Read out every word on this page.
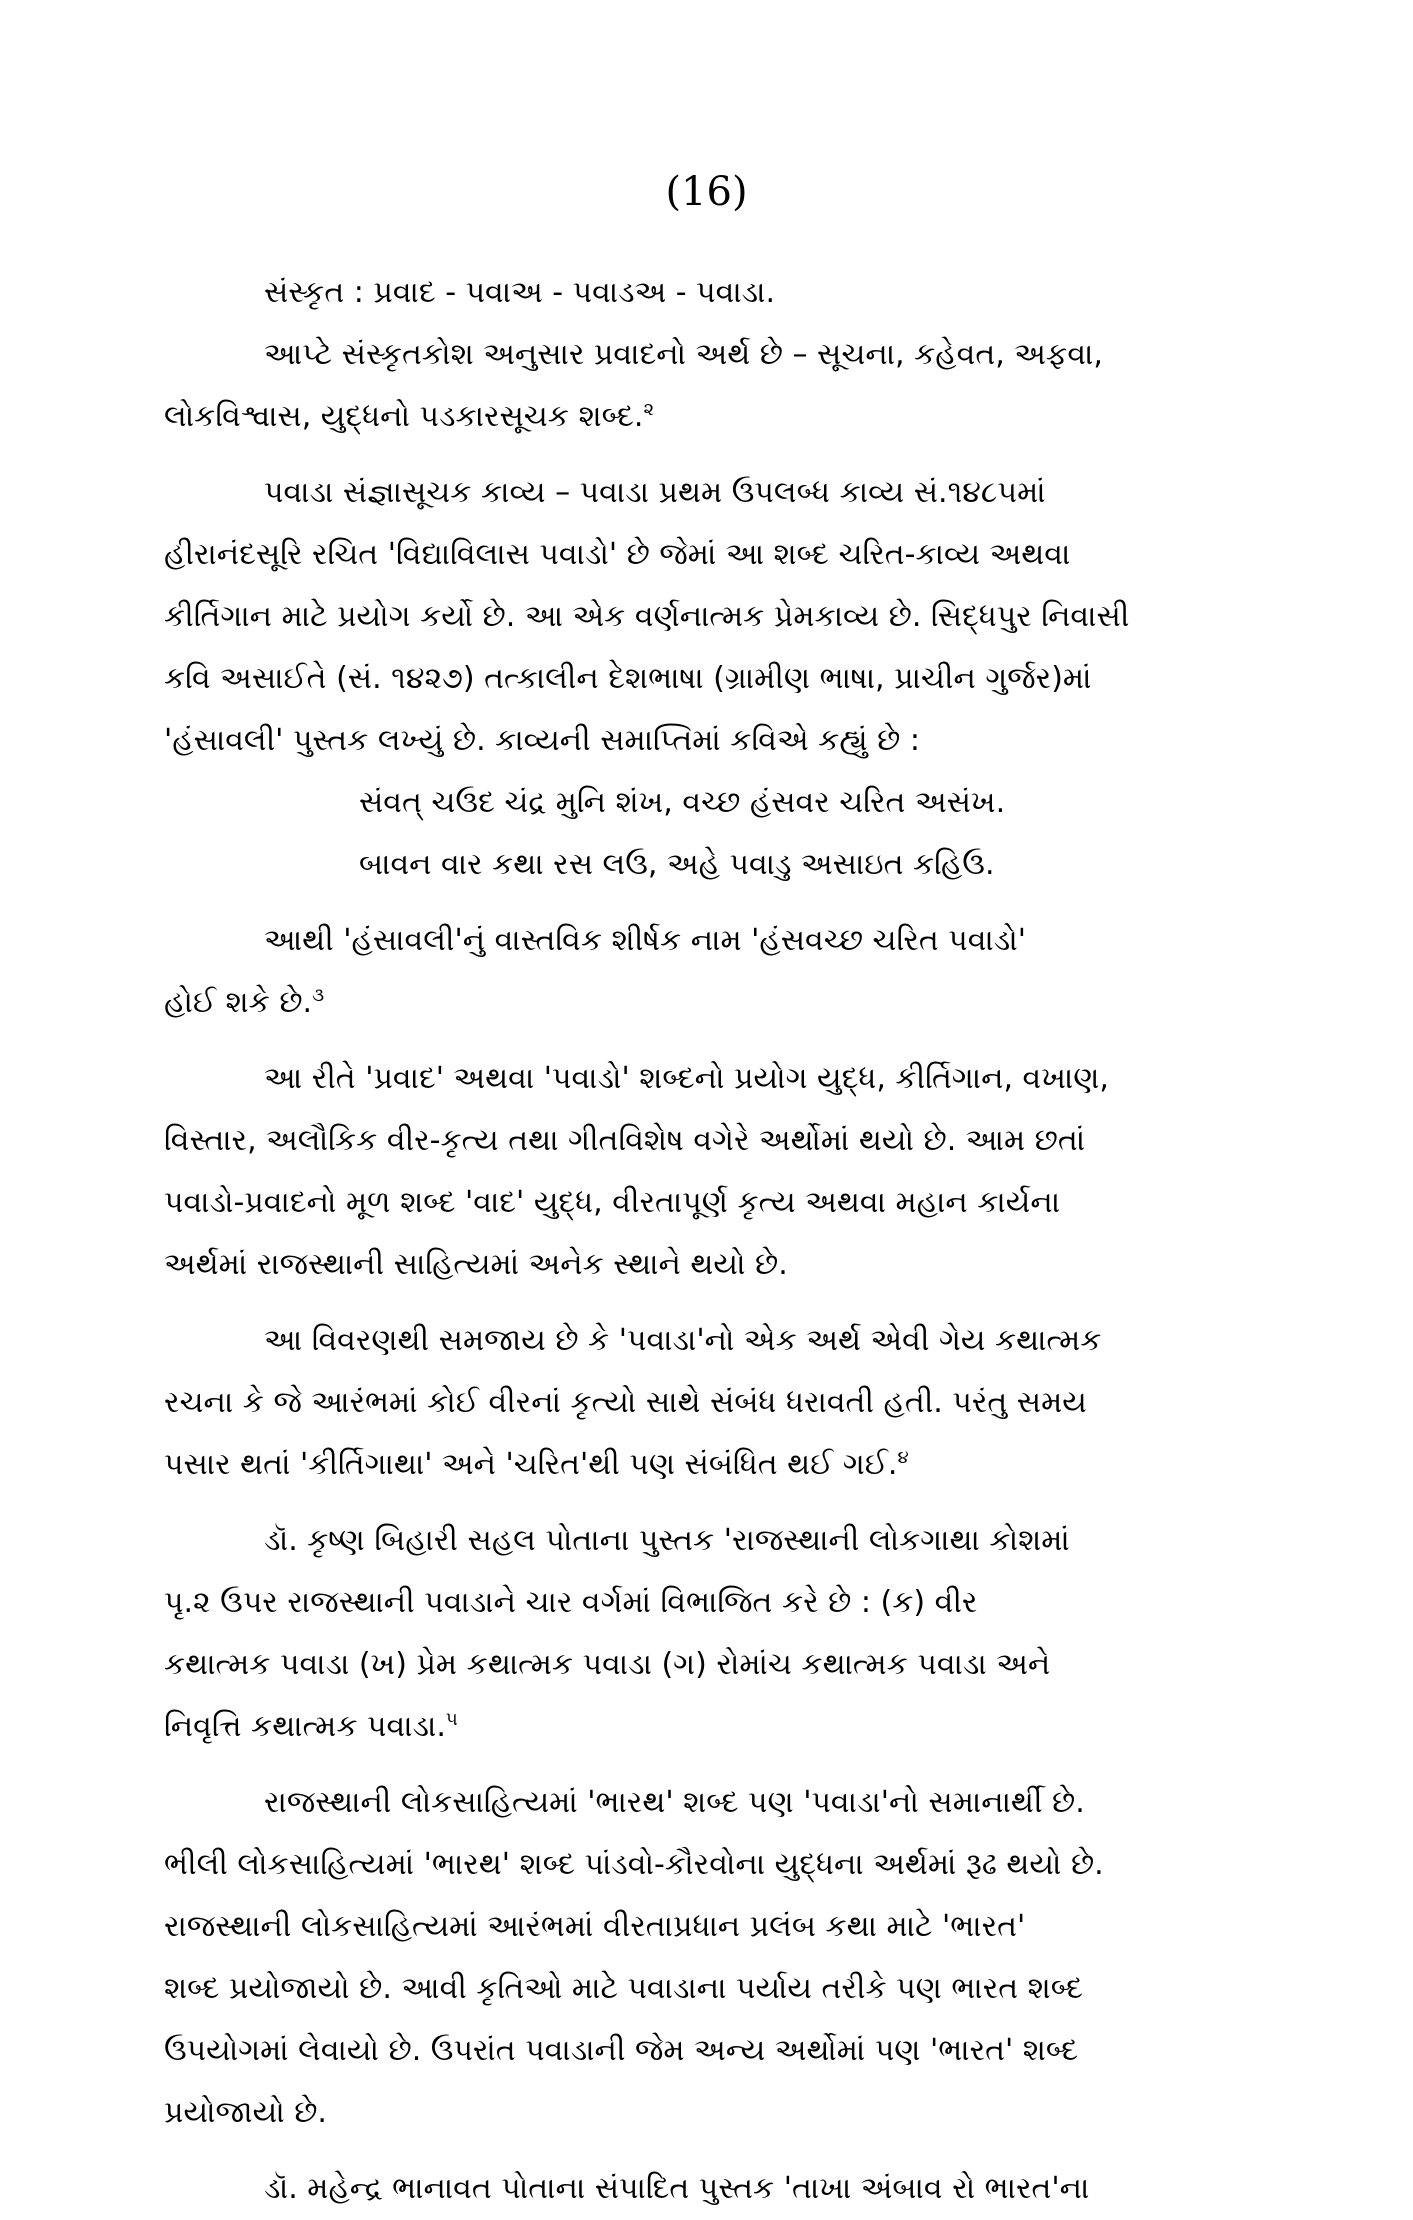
(16)
સંસ્કૃત : પ્રવાદ - પવાઅ - પવાડઅ - પવાડા.
આપ્ટે સંસ્કૃતકોશ અનુસાર પ્રવાદનો અર્થ છે – સૂચના, કહેવત, અફવા,
લોકવિશ્વાસ, યુદ્ધનો પડકારસૂચક શબ્દ.$^૨$
પવાડા સંજ્ઞાસૂચક કાવ્ય – પવાડા પ્રથમ ઉપલબ્ધ કાવ્ય સં.૧૪૮૫માં
હીરાનંદસૂરિ રચિત 'વિદ્યાવિલાસ પવાડો' છે જેમાં આ શબ્દ ચરિત-કાવ્ય અથવા
કીર્તિગાન માટે પ્રયોગ કર્યો છે. આ એક વર્ણનાત્મક પ્રેમકાવ્ય છે. સિદ્ધપુર નિવાસી
કવિ અસાઈતે (સં. ૧૪૨૭) તત્કાલીન દેશભાષા (ગ્રામીણ ભાષા, પ્રાચીન ગુર્જર)માં
'હંસાવલી' પુસ્તક લખ્યું છે. કાવ્યની સમાપ્તિમાં કવિએ કહ્યું છે :
સંવત્ ચઉદ ચંદ્ર મુનિ શંખ, વચ્છ હંસવર ચરિત અસંખ.
બાવન વાર કથા રસ લઉ, અહે પવાડુ અસાઇત કહિઉ.
આથી 'હંસાવલી'નું વાસ્તવિક શીર્ષક નામ 'હંસવચ્છ ચરિત પવાડો'
હોઈ શકે છે.$^૩$
આ રીતે 'પ્રવાદ' અથવા 'પવાડો' શબ્દનો પ્રયોગ યુદ્ધ, કીર્તિગાન, વખાણ,
વિસ્તાર, અલૌકિક વીર-કૃત્ય તથા ગીતવિશેષ વગેરે અર્થોમાં થયો છે. આમ છતાં
પવાડો-પ્રવાદનો મૂળ શબ્દ 'વાદ' યુદ્ધ, વીરતાપૂર્ણ કૃત્ય અથવા મહાન કાર્યના
અર્થમાં રાજસ્થાની સાહિત્યમાં અનેક સ્થાને થયો છે.
આ વિવરણથી સમજાય છે કે 'પવાડા'નો એક અર્થ એવી ગેય કથાત્મક
રચના કે જે આરંભમાં કોઈ વીરનાં કૃત્યો સાથે સંબંધ ધરાવતી હતી. પરંતુ સમય
પસાર થતાં 'કીર્તિગાથા' અને 'ચરિત'થી પણ સંબંધિત થઈ ગઈ.$^૪$
ડૉ. કૃષ્ણ બિહારી સહલ પોતાના પુસ્તક 'રાજસ્થાની લોકગાથા કોશમાં
પૃ.૨ ઉપર રાજસ્થાની પવાડાને ચાર વર્ગમાં વિભાજિત કરે છે : (ક) વીર
કથાત્મક પવાડા (ખ) પ્રેમ કથાત્મક પવાડા (ગ) રોમાંચ કથાત્મક પવાડા અને
નિવૃત્તિ કથાત્મક પવાડા.$^૫$
રાજસ્થાની લોકસાહિત્યમાં 'ભારથ' શબ્દ પણ 'પવાડા'નો સમાનાર્થી છે.
ભીલી લોકસાહિત્યમાં 'ભારથ' શબ્દ પાંડવો-કૌરવોના યુદ્ધના અર્થમાં રૂઢ થયો છે.
રાજસ્થાની લોકસાહિત્યમાં આરંભમાં વીરતાપ્રધાન પ્રલંબ કથા માટે 'ભારત'
શબ્દ પ્રયોજાયો છે. આવી કૃતિઓ માટે પવાડાના પર્યાય તરીકે પણ ભારત શબ્દ
ઉપયોગમાં લેવાયો છે. ઉપરાંત પવાડાની જેમ અન્ય અર્થોમાં પણ 'ભારત' શબ્દ
પ્રયોજાયો છે.
ડૉ. મહેન્દ્ર ભાનાવત પોતાના સંપાદિત પુસ્તક 'તાખા અંબાવ રો ભારત'ના
